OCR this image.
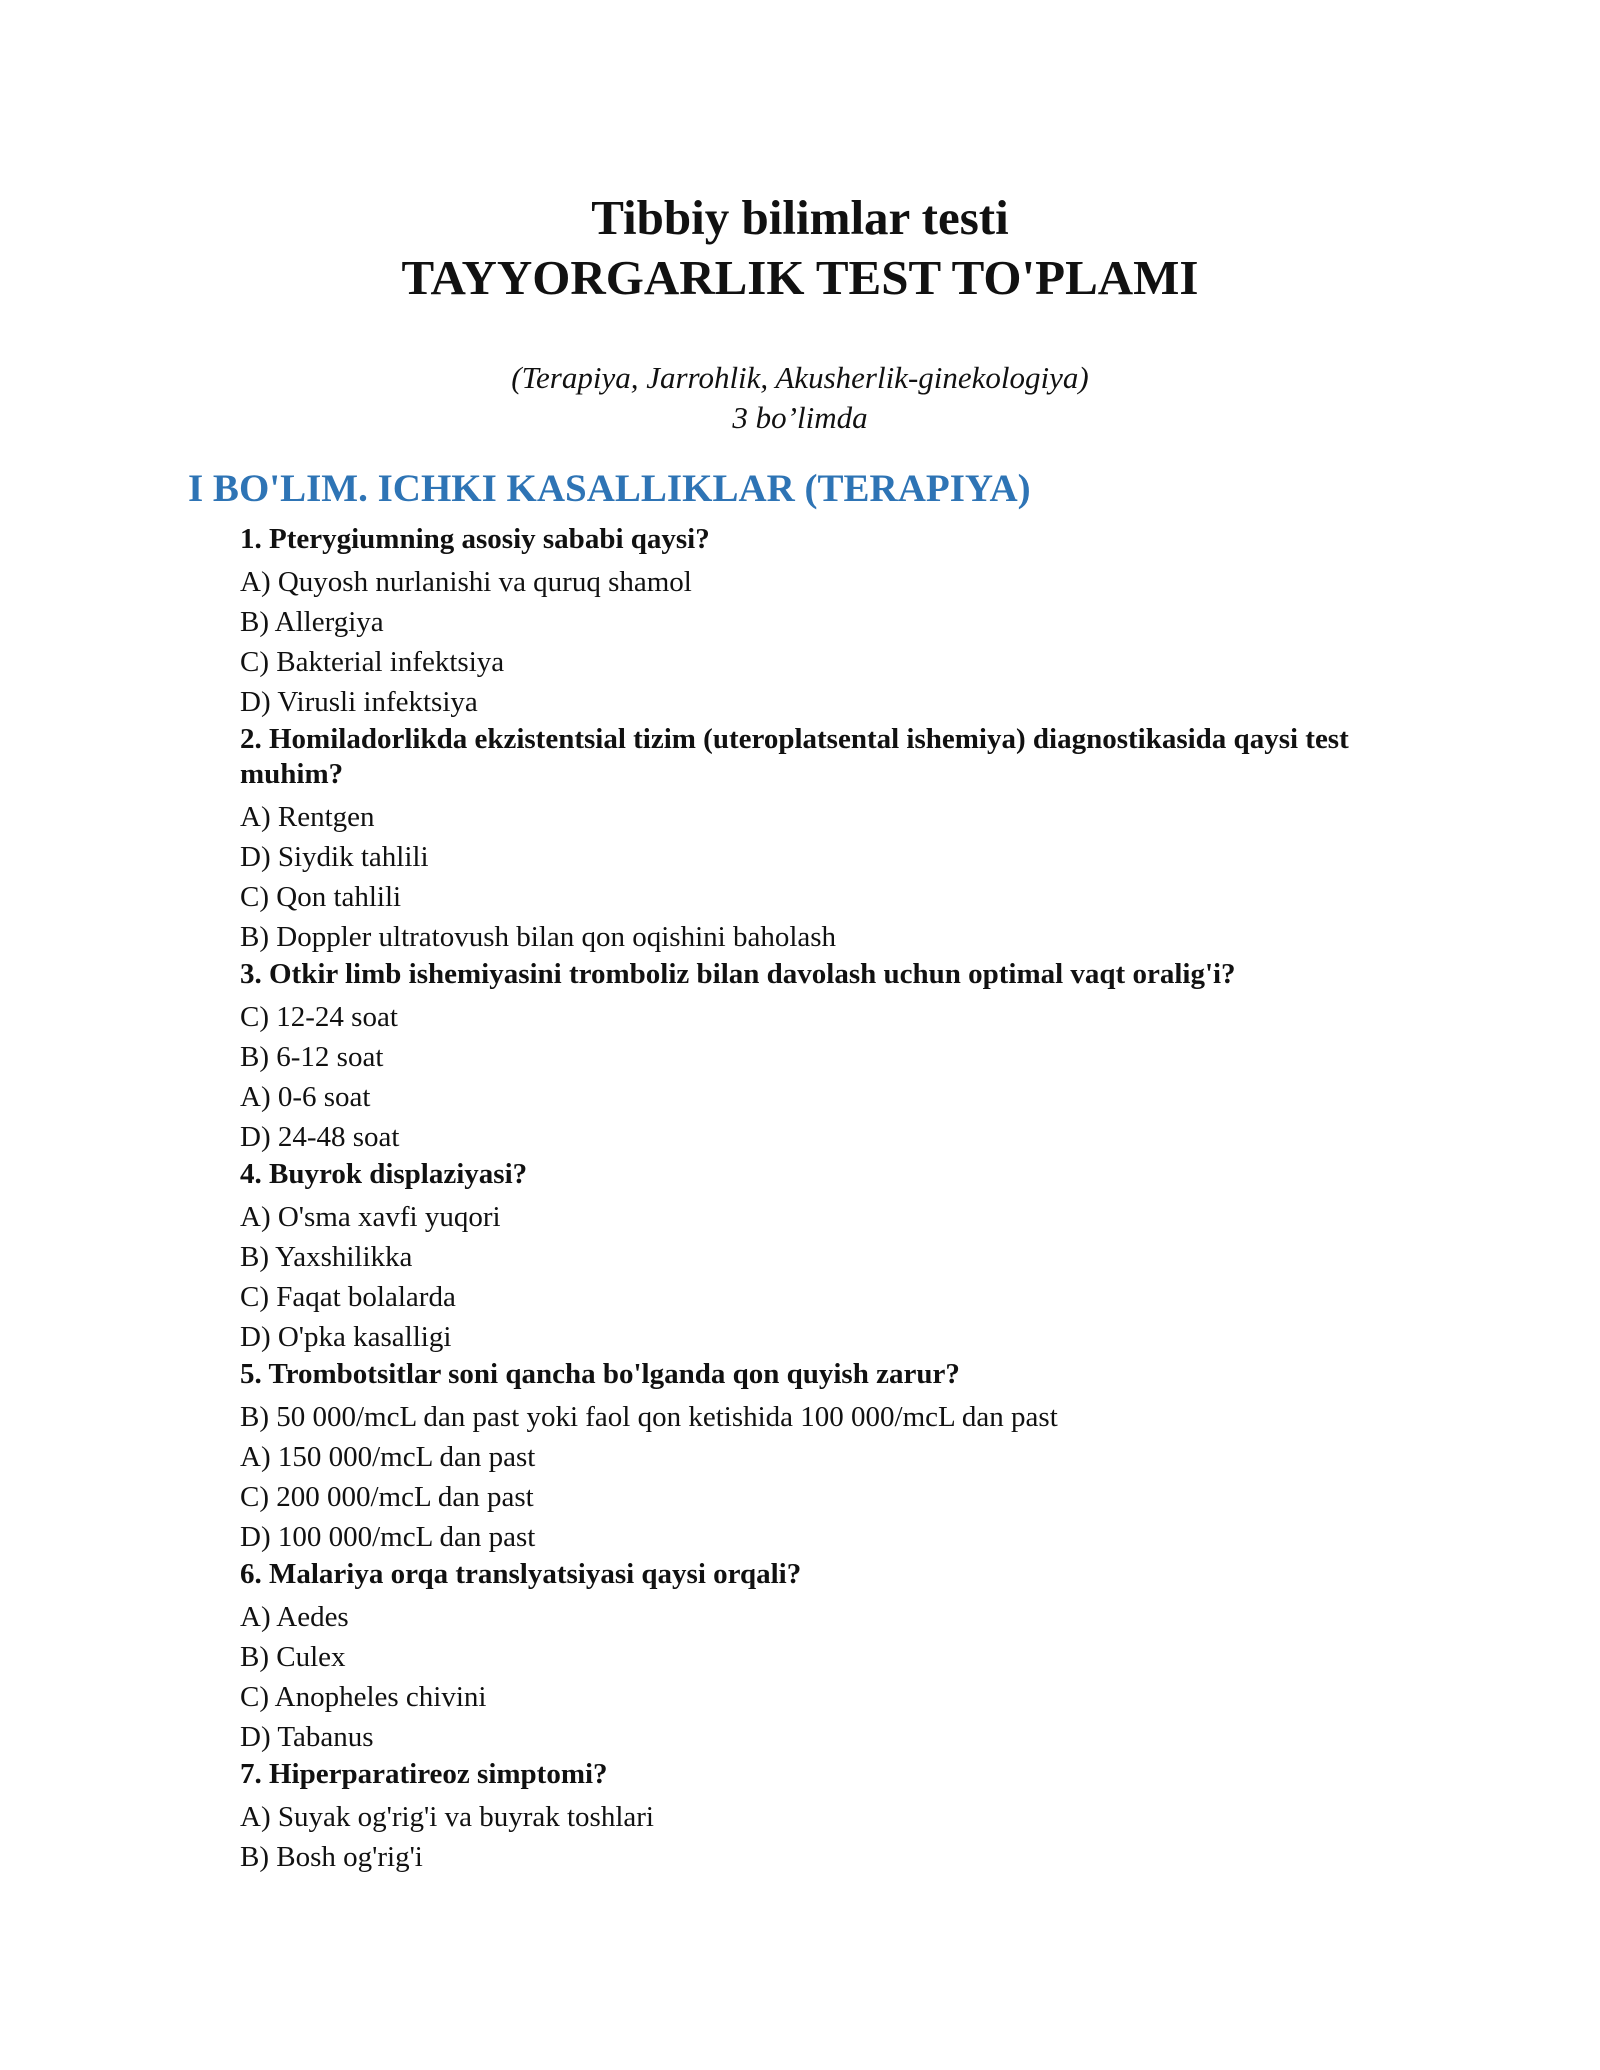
Tibbiy bilimlar testi

TAYYORGARLIK TEST TO'PLAMI

(Terapiya, Jarrohlik, Akusherlik-ginekologiya)

3 bo’limda

I BO'LIM. ICHKI KASALLIKLAR (TERAPIYA)

1. Pterygiumning asosiy sababi qaysi?

A) Quyosh nurlanishi va quruq shamol

B) Allergiya

C) Bakterial infektsiya

D) Virusli infektsiya

2. Homiladorlikda ekzistentsial tizim (uteroplatsental ishemiya) diagnostikasida qaysi test muhim?

A) Rentgen

D) Siydik tahlili

C) Qon tahlili

B) Doppler ultratovush bilan qon oqishini baholash

3. Otkir limb ishemiyasini tromboliz bilan davolash uchun optimal vaqt oralig'i?

C) 12-24 soat

B) 6-12 soat

A) 0-6 soat

D) 24-48 soat

4. Buyrok displaziyasi?

A) O'sma xavfi yuqori

B) Yaxshilikka

C) Faqat bolalarda

D) O'pka kasalligi

5. Trombotsitlar soni qancha bo'lganda qon quyish zarur?

B) 50 000/mcL dan past yoki faol qon ketishida 100 000/mcL dan past

A) 150 000/mcL dan past

C) 200 000/mcL dan past

D) 100 000/mcL dan past

6. Malariya orqa translyatsiyasi qaysi orqali?

A) Aedes

B) Culex

C) Anopheles chivini

D) Tabanus

7. Hiperparatireoz simptomi?

A) Suyak og'rig'i va buyrak toshlari

B) Bosh og'rig'i
